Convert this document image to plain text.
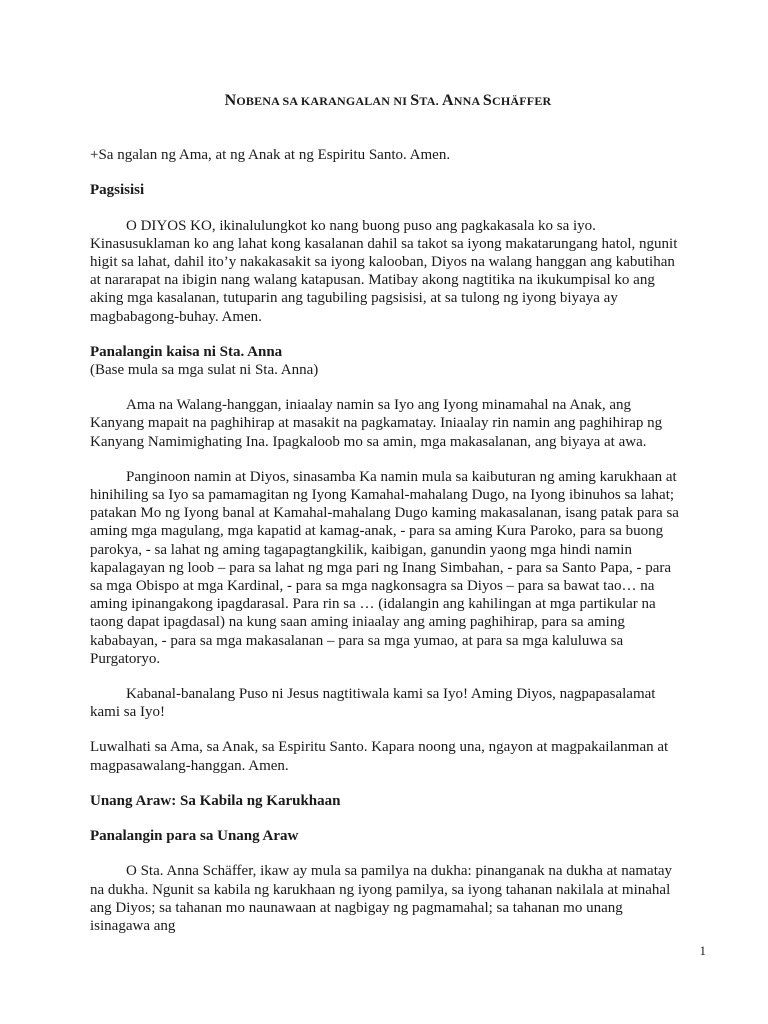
NOBENA SA KARANGALAN NI STA. ANNA SCHÄFFER

+Sa ngalan ng Ama, at ng Anak at ng Espiritu Santo. Amen.

Pagsisisi

O DIYOS KO, ikinalulungkot ko nang buong puso ang pagkakasala ko sa iyo. Kinasusuklaman ko ang lahat kong kasalanan dahil sa takot sa iyong makatarungang hatol, ngunit higit sa lahat, dahil ito’y nakakasakit sa iyong kalooban, Diyos na walang hanggan ang kabutihan at nararapat na ibigin nang walang katapusan. Matibay akong nagtitika na ikukumpisal ko ang aking mga kasalanan, tutuparin ang tagubiling pagsisisi, at sa tulong ng iyong biyaya ay magbabagong-buhay. Amen.

Panalangin kaisa ni Sta. Anna

(Base mula sa mga sulat ni Sta. Anna)

Ama na Walang-hanggan, iniaalay namin sa Iyo ang Iyong minamahal na Anak, ang Kanyang mapait na paghihirap at masakit na pagkamatay. Iniaalay rin namin ang paghihirap ng Kanyang Namimighating Ina. Ipagkaloob mo sa amin, mga makasalanan, ang biyaya at awa.

Panginoon namin at Diyos, sinasamba Ka namin mula sa kaibuturan ng aming karukhaan at hinihiling sa Iyo sa pamamagitan ng Iyong Kamahal-mahalang Dugo, na Iyong ibinuhos sa lahat; patakan Mo ng Iyong banal at Kamahal-mahalang Dugo kaming makasalanan, isang patak para sa aming mga magulang, mga kapatid at kamag-anak, - para sa aming Kura Paroko, para sa buong parokya, - sa lahat ng aming tagapagtangkilik, kaibigan, ganundin yaong mga hindi namin kapalagayan ng loob – para sa lahat ng mga pari ng Inang Simbahan, - para sa Santo Papa, - para sa mga Obispo at mga Kardinal, - para sa mga nagkonsagra sa Diyos – para sa bawat tao… na aming ipinangakong ipagdarasal. Para rin sa … (idalangin ang kahilingan at mga partikular na taong dapat ipagdasal) na kung saan aming iniaalay ang aming paghihirap, para sa aming kababayan, - para sa mga makasalanan – para sa mga yumao, at para sa mga kaluluwa sa Purgatoryo.

Kabanal-banalang Puso ni Jesus nagtitiwala kami sa Iyo! Aming Diyos, nagpapasalamat kami sa Iyo!

Luwalhati sa Ama, sa Anak, sa Espiritu Santo. Kapara noong una, ngayon at magpakailanman at magpasawalang-hanggan. Amen.

Unang Araw: Sa Kabila ng Karukhaan
Panalangin para sa Unang Araw

O Sta. Anna Schäffer, ikaw ay mula sa pamilya na dukha: pinanganak na dukha at namatay na dukha. Ngunit sa kabila ng karukhaan ng iyong pamilya, sa iyong tahanan nakilala at minahal ang Diyos; sa tahanan mo naunawaan at nagbigay ng pagmamahal; sa tahanan mo unang isinagawa ang

1
